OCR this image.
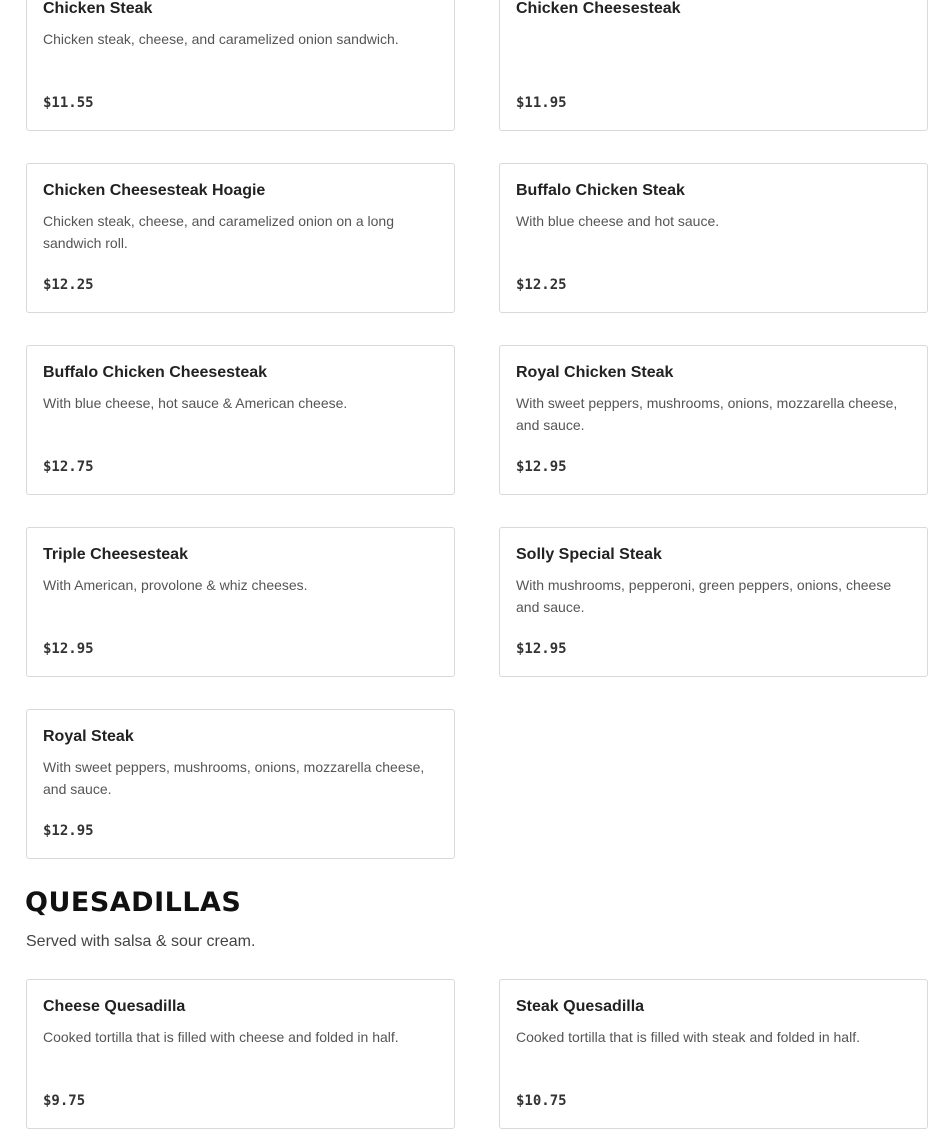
Chicken Steak
Chicken steak, cheese, and caramelized onion sandwich.
$11.55
Chicken Cheesesteak
$11.95
Chicken Cheesesteak Hoagie
Chicken steak, cheese, and caramelized onion on a long sandwich roll.
$12.25
Buffalo Chicken Steak
With blue cheese and hot sauce.
$12.25
Buffalo Chicken Cheesesteak
With blue cheese, hot sauce & American cheese.
$12.75
Royal Chicken Steak
With sweet peppers, mushrooms, onions, mozzarella cheese, and sauce.
$12.95
Triple Cheesesteak
With American, provolone & whiz cheeses.
$12.95
Solly Special Steak
With mushrooms, pepperoni, green peppers, onions, cheese and sauce.
$12.95
Royal Steak
With sweet peppers, mushrooms, onions, mozzarella cheese, and sauce.
$12.95
QUESADILLAS
Served with salsa & sour cream.
Cheese Quesadilla
Cooked tortilla that is filled with cheese and folded in half.
$9.75
Steak Quesadilla
Cooked tortilla that is filled with steak and folded in half.
$10.75
